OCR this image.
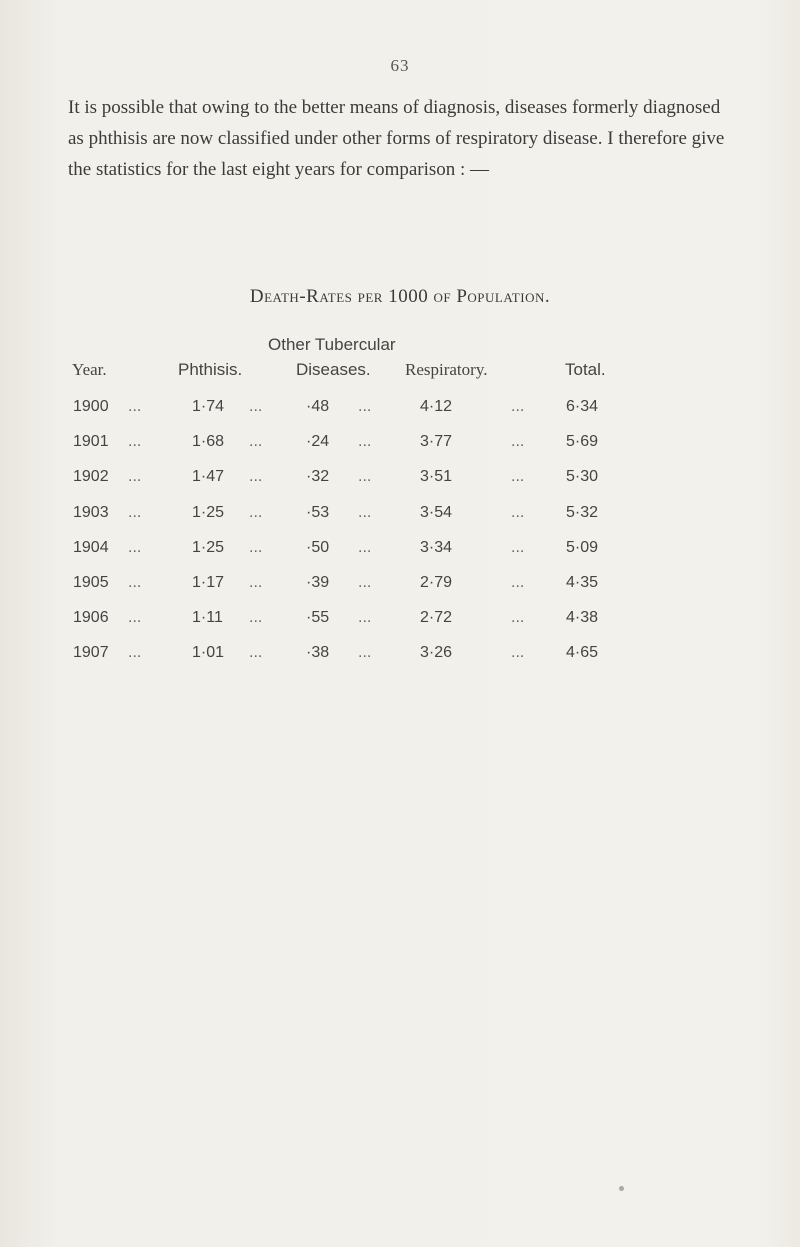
63

It is possible that owing to the better means of diagnosis, diseases formerly diagnosed as phthisis are now classified under other forms of respiratory disease. I therefore give the statistics for the last eight years for comparison : —

Death-Rates per 1000 of Population.
Other Tubercular
Year.	Phthisis.	Diseases. Respiratory.	Total.
1900 ...	1·74 ...	·48 ...	4·12	...	6·34
1901 ...	1·68 ...	·24 ...	3·77	...	5·69
1902 ...	1·47 ...	·32 ...	3·51	...	5·30
1903 ...	1·25 ...	·53 ...	3·54	...	5·32
1904 ...	1·25 ...	·50 ...	3·34	...	5·09
1905 ...	1·17 ...	·39 ...	2·79	...	4·35
1906 ...	1·11 ...	·55 ...	2·72	...	4·38
1907 ...	1·01 ...	·38 ...	3·26	...	4·65
